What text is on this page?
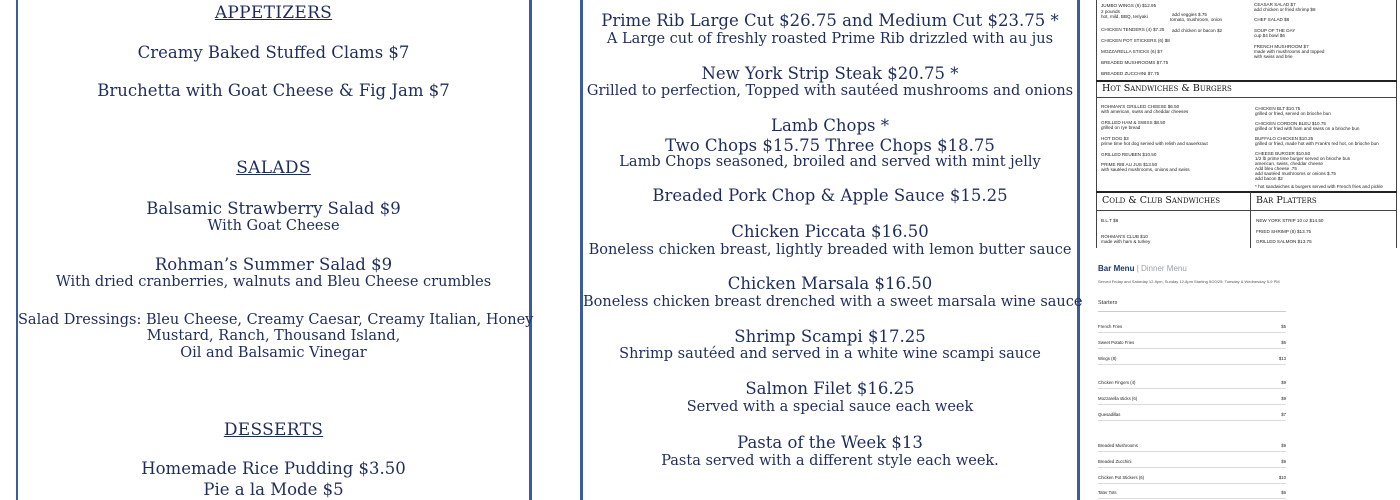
APPETIZERS
Creamy Baked Stuffed Clams $7
Bruchetta with Goat Cheese & Fig Jam $7
SALADS
Balsamic Strawberry Salad $9
With Goat Cheese
Rohman’s Summer Salad $9
With dried cranberries, walnuts and Bleu Cheese crumbles
Salad Dressings: Bleu Cheese, Creamy Caesar, Creamy Italian, Honey
Mustard, Ranch, Thousand Island,
Oil and Balsamic Vinegar
DESSERTS
Homemade Rice Pudding $3.50
Pie a la Mode $5
Prime Rib Large Cut $26.75 and Medium Cut $23.75 *
A Large cut of freshly roasted Prime Rib drizzled with au jus
New York Strip Steak $20.75 *
Grilled to perfection, Topped with sautéed mushrooms and onions
Lamb Chops *
Two Chops $15.75 Three Chops $18.75
Lamb Chops seasoned, broiled and served with mint jelly
Breaded Pork Chop & Apple Sauce $15.25
Chicken Piccata $16.50
Boneless chicken breast, lightly breaded with lemon butter sauce
Chicken Marsala $16.50
Boneless chicken breast drenched with a sweet marsala wine sauce
Shrimp Scampi $17.25
Shrimp sautéed and served in a white wine scampi sauce
Salmon Filet $16.25
Served with a special sauce each week
Pasta of the Week $13
Pasta served with a different style each week.
JUMBO WINGS (6) $12.95
2 pounds
hot, mild, BBQ, teriyaki
CHICKEN TENDERS (4) $7.25
CHICKEN POT STICKERS (6) $8
MOZZARELLA STICKS (6) $7
BREADED MUSHROOMS $7.75
BREADED ZUCCHINI $7.75
add veggies $.75
tomato, mushroom, onion
add chicken or bacon $2
CEASAR SALAD $7
add chicken or fried shrimp $8
CHEF SALAD $8
SOUP OF THE DAY
cup $4 bowl $6
FRENCH MUSHROOM $7
made with mushrooms and topped
with swiss and brie
Hot Sandwiches & Burgers
ROHMAN'S GRILLED CHEESE $6.50
with american, swiss and cheddar cheeses
GRILLED HAM & SWISS $8.50
grilled on rye bread
HOT DOG $3
prime time hot dog served with relish and sauerkraut
GRILLED REUBEN $10.50
PRIME RIB AU JUS $13.50
with sautéed mushrooms, onions and swiss
CHICKEN BLT $10.75
grilled or fried, served on brioche bun
CHICKEN CORDON BLEU $10.75
grilled or fried with ham and swiss on a brioche bun
BUFFALO CHICKEN $10.25
grilled or fried, made hot with Frank's red hot, on brioche bun
CHEESE BURGER $10.50
1/2 lb prime time burger served on brioche bun
american, swiss, cheddar cheese
Add bleu cheese .75
add sautéed mushrooms or onions $.75
add bacon $2
* hot sandwiches & burgers served with French fries and pickle
Cold & Club Sandwiches	Bar Platters
B.L.T $8
ROHMAN'S CLUB $10
made with ham & turkey
NEW YORK STRIP 10 oz $14.50
FRIED SHRIMP (8) $13.75
GRILLED SALMON $13.75
Bar Menu | Dinner Menu
Served Friday and Saturday 12-9pm, Sunday 12-8pm Starting 5/20/25: Tuesday & Wednesday 5-9 PM
Starters
French Fries	$5
Sweet Potato Fries	$6
Wings (8)	$13
Chicken Fingers (4)	$9
Mozzarella sticks (6)	$9
Quesadillas	$7
Breaded Mushrooms	$9
Breaded Zucchini	$9
Chicken Pot Stickers (6)	$10
Tater Tots	$6
